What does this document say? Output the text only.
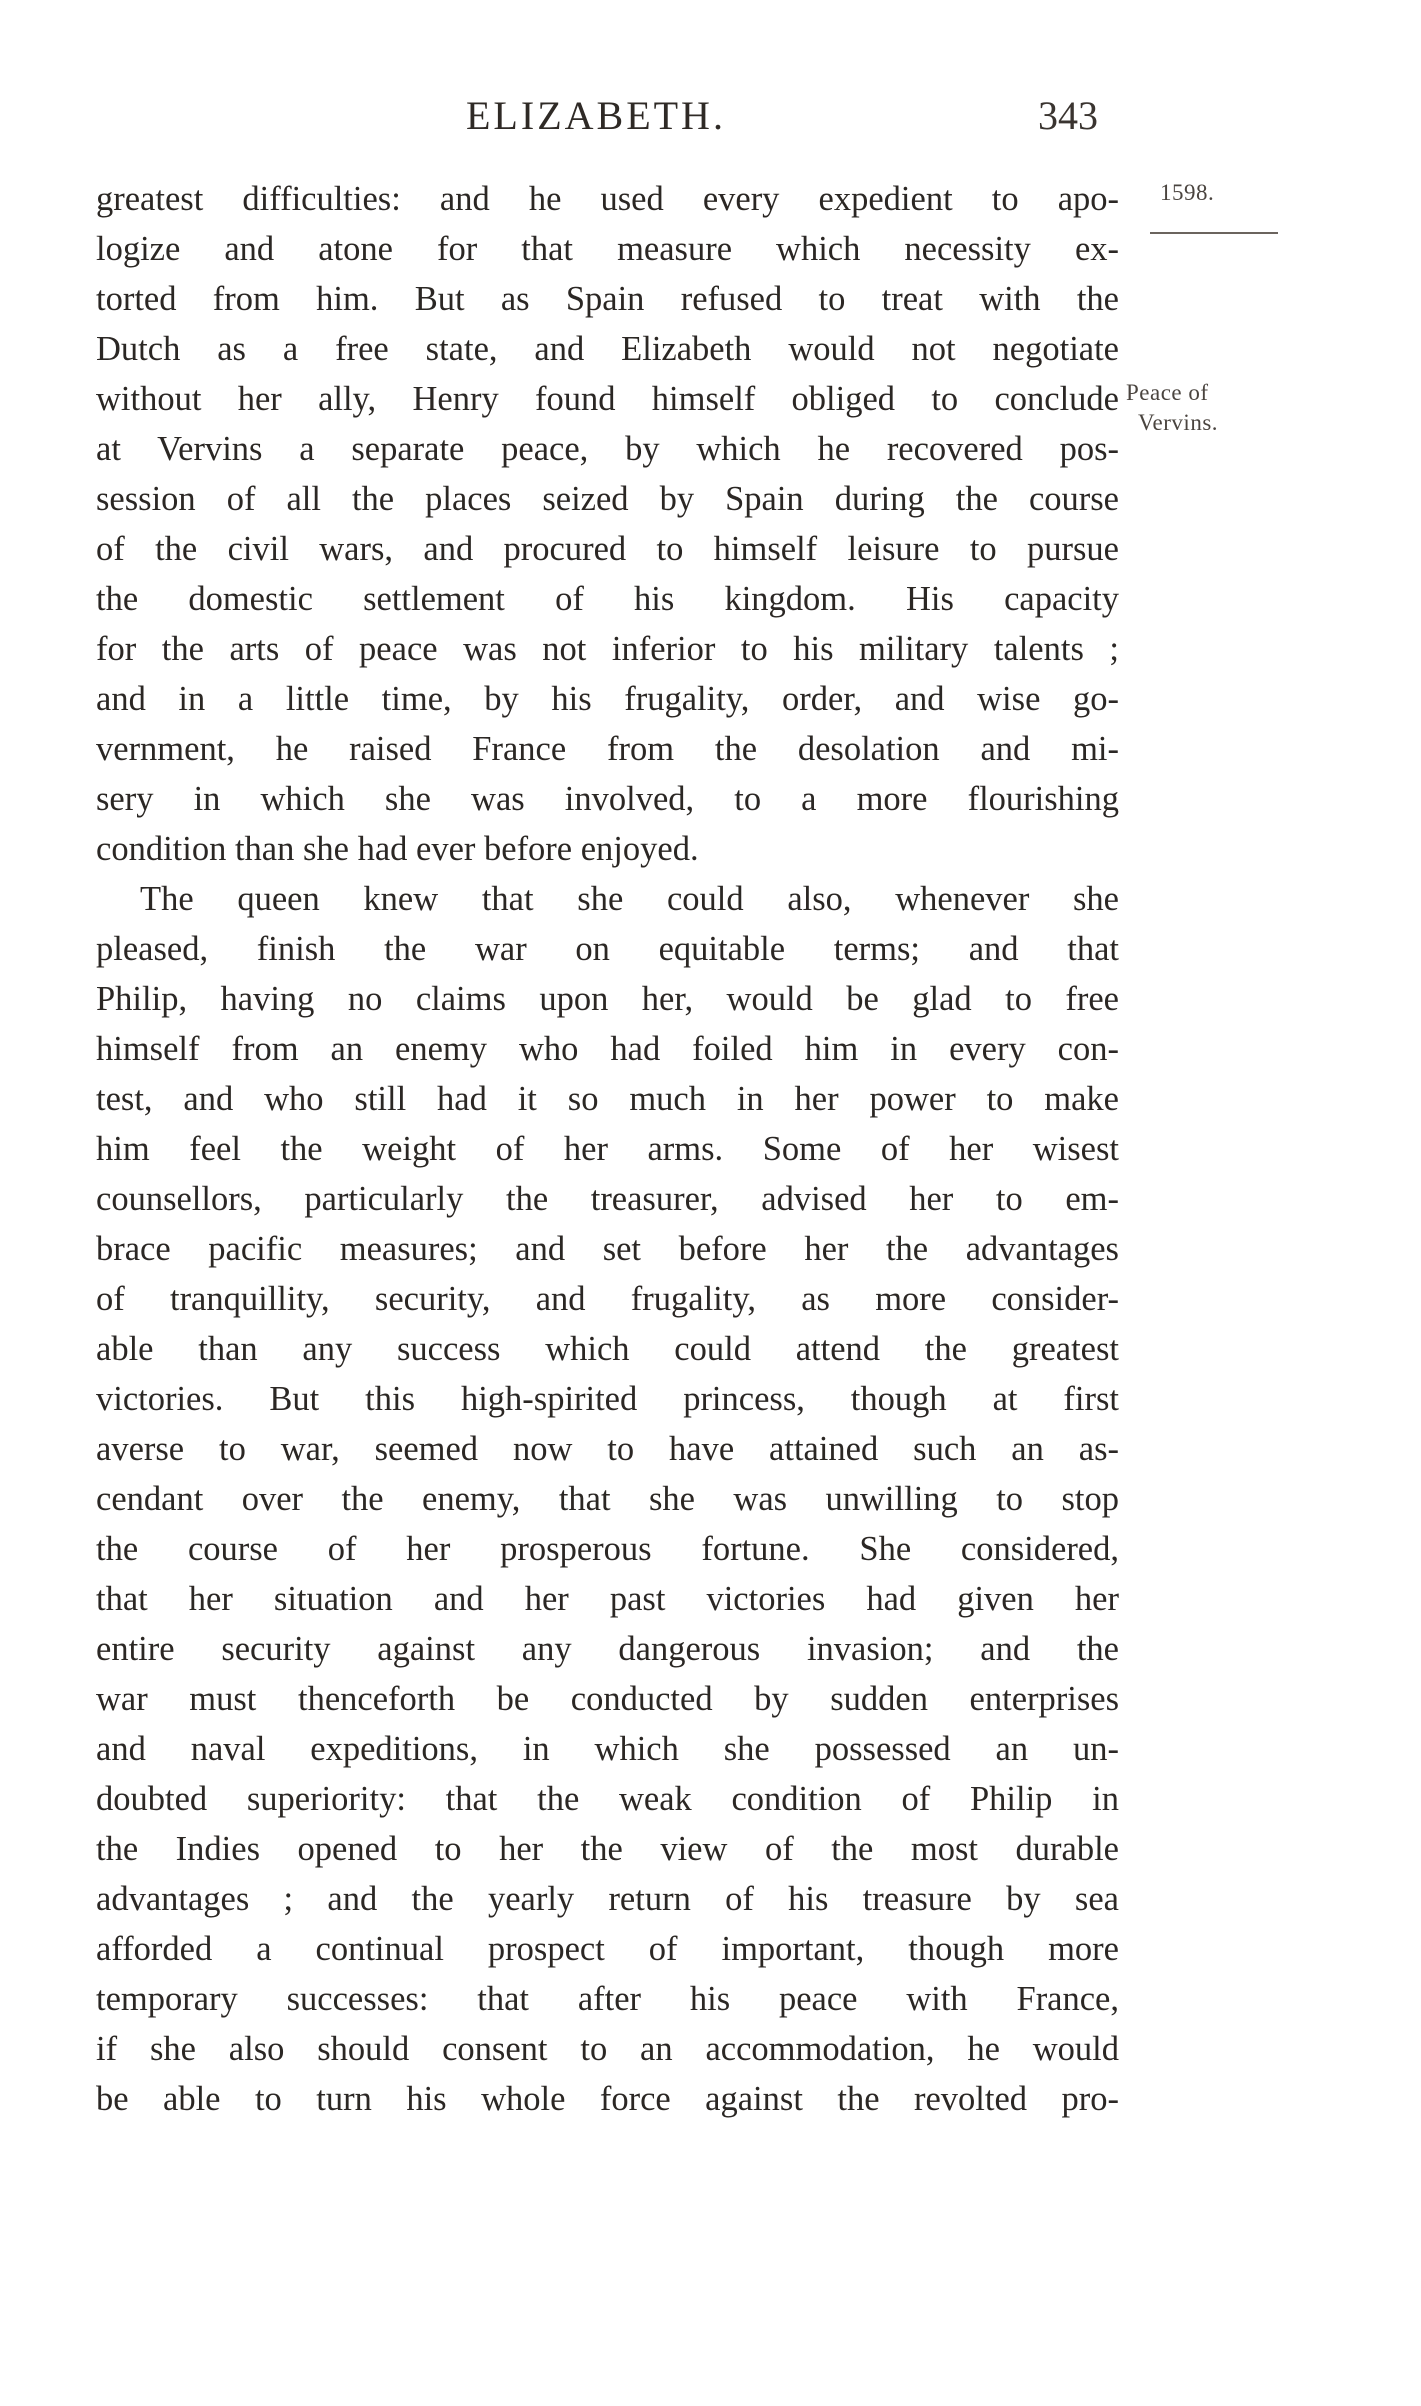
ELIZABETH.	343
1598.
Peace of
Vervins.
greatest difficulties: and he used every expedient to apo-
logize and atone for that measure which necessity ex-
torted from him. But as Spain refused to treat with the
Dutch as a free state, and Elizabeth would not negotiate
without her ally, Henry found himself obliged to conclude
at Vervins a separate peace, by which he recovered pos-
session of all the places seized by Spain during the course
of the civil wars, and procured to himself leisure to pursue
the domestic settlement of his kingdom. His capacity
for the arts of peace was not inferior to his military talents ;
and in a little time, by his frugality, order, and wise go-
vernment, he raised France from the desolation and mi-
sery in which she was involved, to a more flourishing
condition than she had ever before enjoyed.
The queen knew that she could also, whenever she
pleased, finish the war on equitable terms; and that
Philip, having no claims upon her, would be glad to free
himself from an enemy who had foiled him in every con-
test, and who still had it so much in her power to make
him feel the weight of her arms. Some of her wisest
counsellors, particularly the treasurer, advised her to em-
brace pacific measures; and set before her the advantages
of tranquillity, security, and frugality, as more consider-
able than any success which could attend the greatest
victories. But this high-spirited princess, though at first
averse to war, seemed now to have attained such an as-
cendant over the enemy, that she was unwilling to stop
the course of her prosperous fortune. She considered,
that her situation and her past victories had given her
entire security against any dangerous invasion; and the
war must thenceforth be conducted by sudden enterprises
and naval expeditions, in which she possessed an un-
doubted superiority: that the weak condition of Philip in
the Indies opened to her the view of the most durable
advantages ; and the yearly return of his treasure by sea
afforded a continual prospect of important, though more
temporary successes: that after his peace with France,
if she also should consent to an accommodation, he would
be able to turn his whole force against the revolted pro-
